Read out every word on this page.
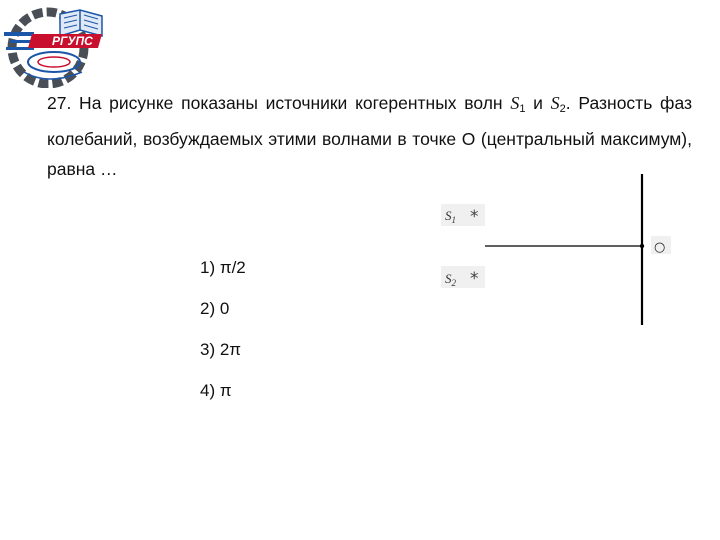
РГУПС
27. На рисунке показаны источники когерентных волн $S_1$ и $S_2$. Разность фаз колебаний, возбуждаемых этими волнами в точке О (центральный максимум), равна …
1) π/2
2) 0
3) 2π
4) π
$S_1$ *
$S_2$ *
○
